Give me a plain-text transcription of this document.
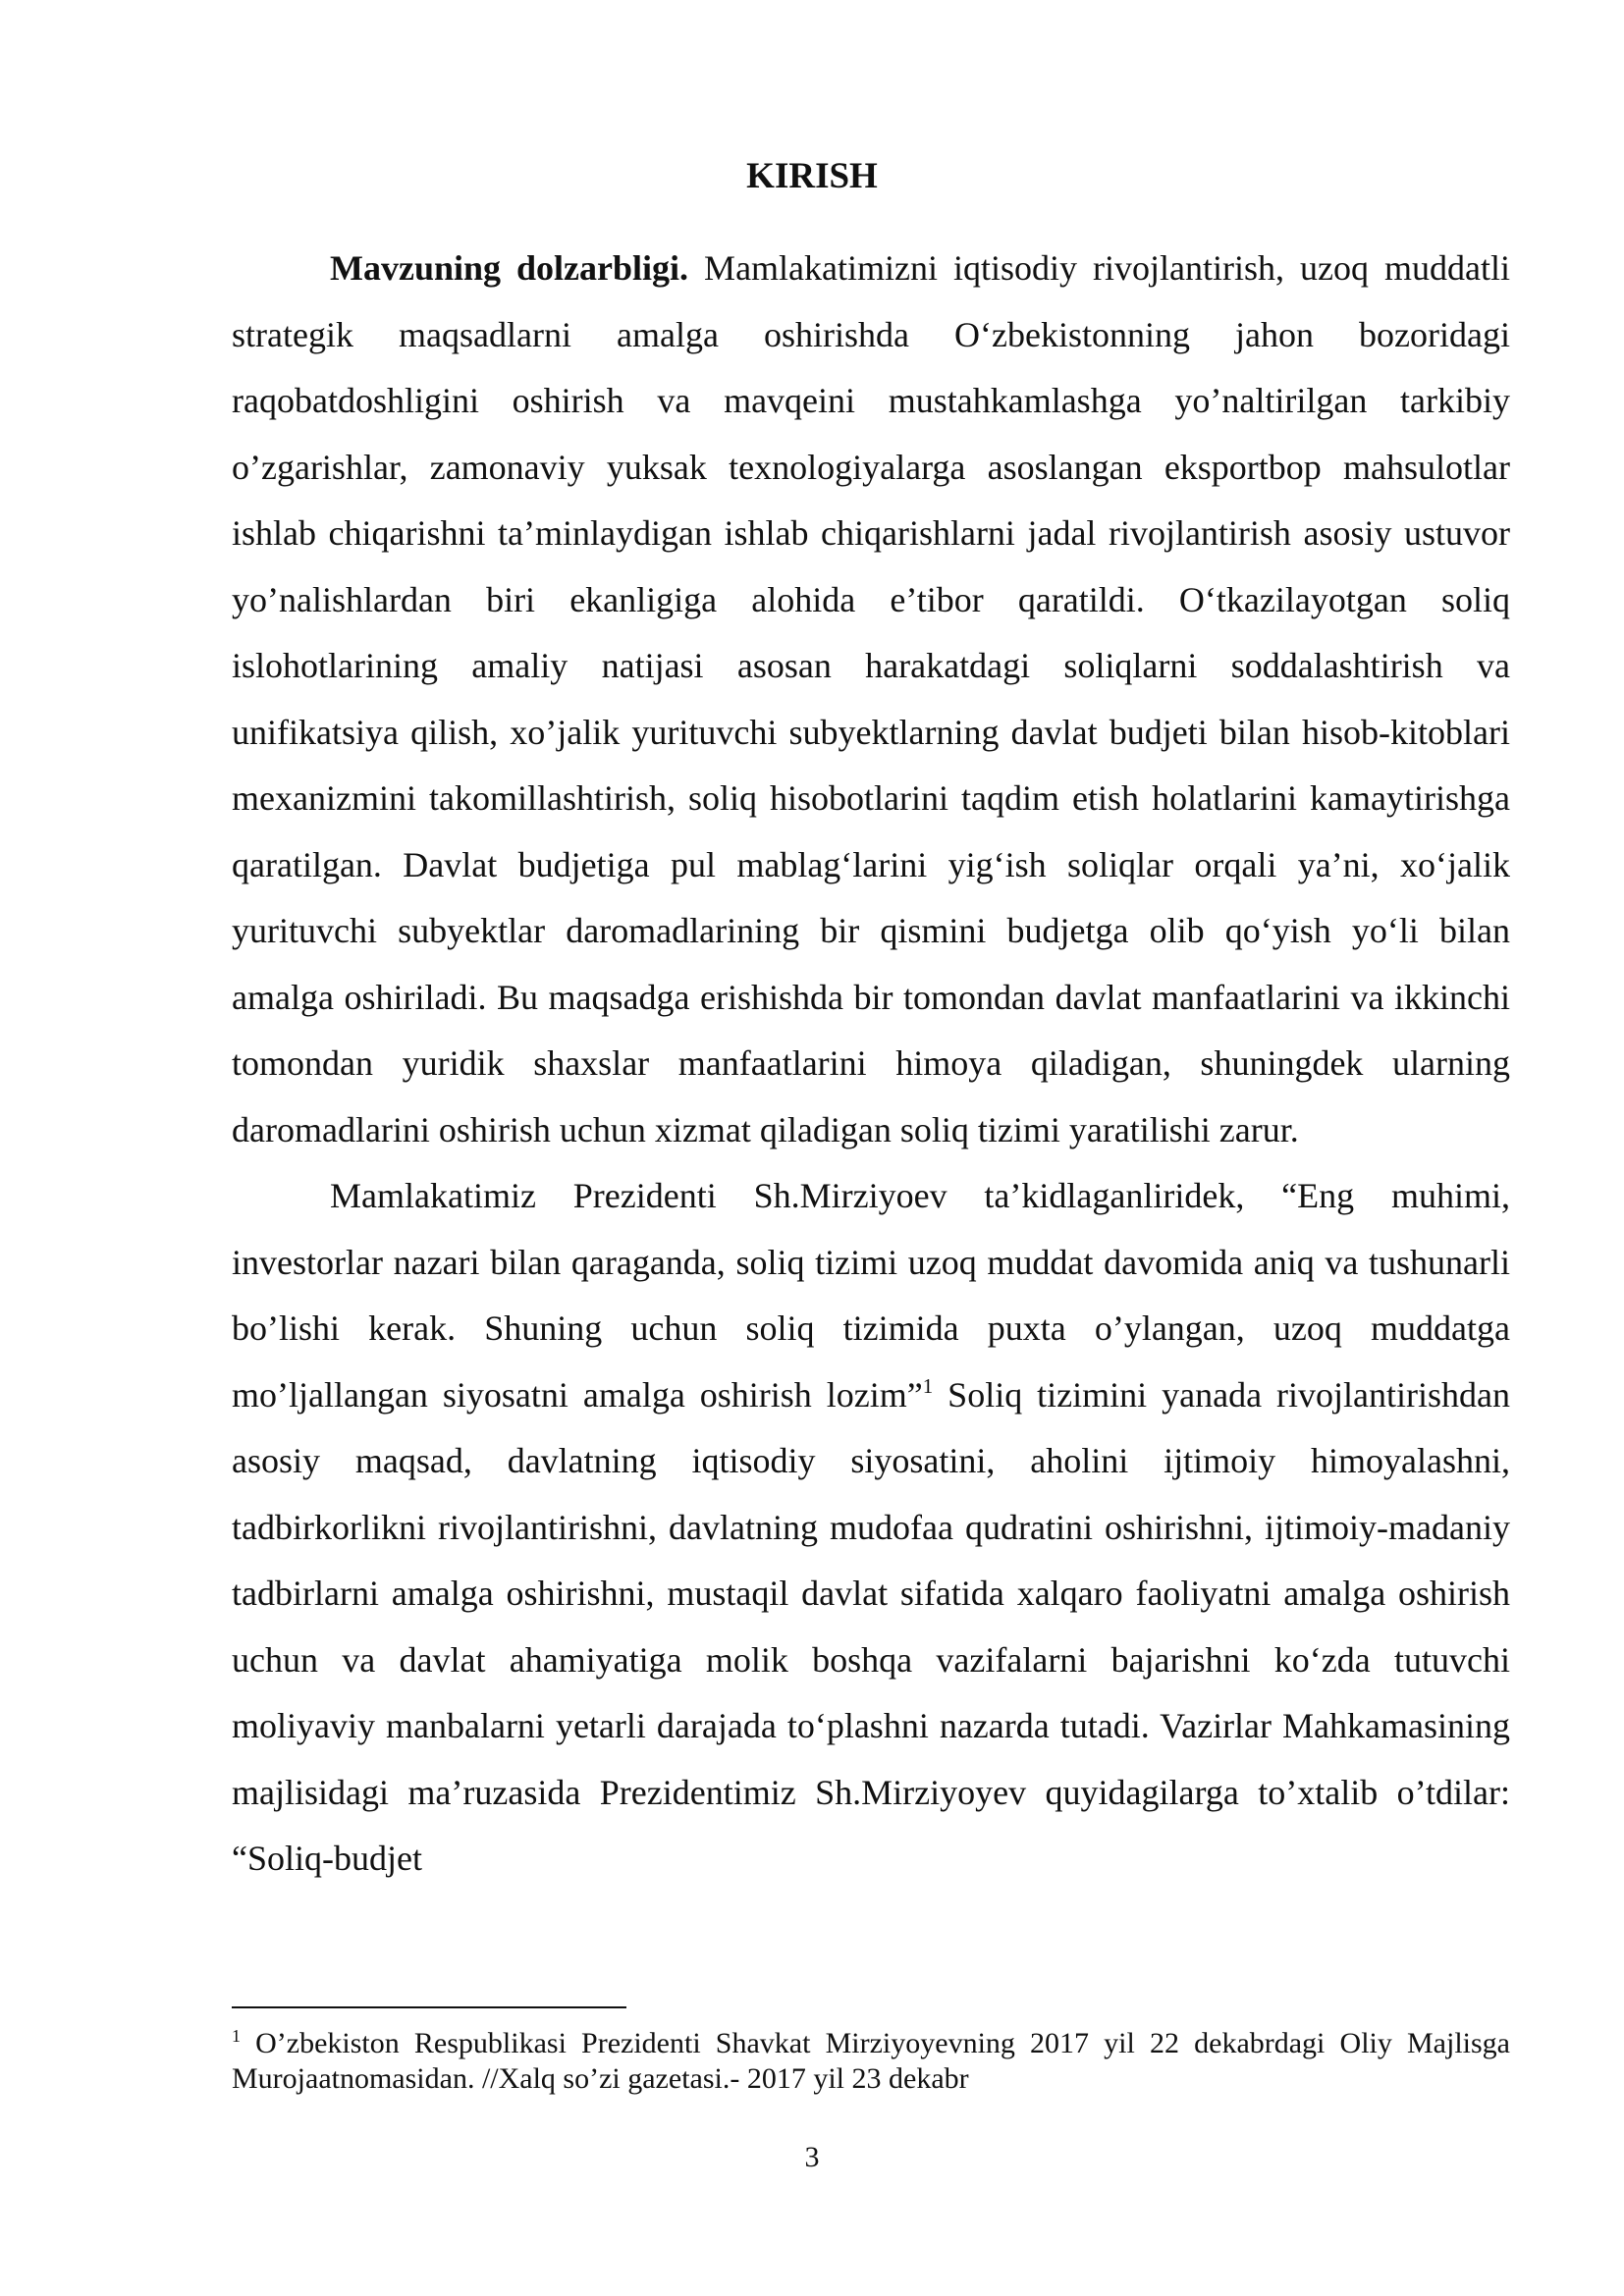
KIRISH

Mavzuning dolzarbligi. Mamlakatimizni iqtisodiy rivojlantirish, uzoq muddatli strategik maqsadlarni amalga oshirishda O‘zbekistonning jahon bozoridagi raqobatdoshligini oshirish va mavqeini mustahkamlashga yo’naltirilgan tarkibiy o’zgarishlar, zamonaviy yuksak texnologiyalarga asoslangan eksportbop mahsulotlar ishlab chiqarishni ta’minlaydigan ishlab chiqarishlarni jadal rivojlantirish asosiy ustuvor yo’nalishlardan biri ekanligiga alohida e’tibor qaratildi. O‘tkazilayotgan soliq islohotlarining amaliy natijasi asosan harakatdagi soliqlarni soddalashtirish va unifikatsiya qilish, xo’jalik yurituvchi subyektlarning davlat budjeti bilan hisob-kitoblari mexanizmini takomillashtirish, soliq hisobotlarini taqdim etish holatlarini kamaytirishga qaratilgan. Davlat budjetiga pul mablag‘larini yig‘ish soliqlar orqali ya’ni, xo‘jalik yurituvchi subyektlar daromadlarining bir qismini budjetga olib qo‘yish yo‘li bilan amalga oshiriladi. Bu maqsadga erishishda bir tomondan davlat manfaatlarini va ikkinchi tomondan yuridik shaxslar manfaatlarini himoya qiladigan, shuningdek ularning daromadlarini oshirish uchun xizmat qiladigan soliq tizimi yaratilishi zarur.

Mamlakatimiz Prezidenti Sh.Mirziyoev ta’kidlaganliridek, “Eng muhimi, investorlar nazari bilan qaraganda, soliq tizimi uzoq muddat davomida aniq va tushunarli bo’lishi kerak. Shuning uchun soliq tizimida puxta o’ylangan, uzoq muddatga mo’ljallangan siyosatni amalga oshirish lozim”$^1$ Soliq tizimini yanada rivojlantirishdan asosiy maqsad, davlatning iqtisodiy siyosatini, aholini ijtimoiy himoyalashni, tadbirkorlikni rivojlantirishni, davlatning mudofaa qudratini oshirishni, ijtimoiy-madaniy tadbirlarni amalga oshirishni, mustaqil davlat sifatida xalqaro faoliyatni amalga oshirish uchun va davlat ahamiyatiga molik boshqa vazifalarni bajarishni ko‘zda tutuvchi moliyaviy manbalarni yetarli darajada to‘plashni nazarda tutadi. Vazirlar Mahkamasining majlisidagi ma’ruzasida Prezidentimiz Sh.Mirziyoyev quyidagilarga to’xtalib o’tdilar: “Soliq-budjet

$^1$ O’zbekiston Respublikasi Prezidenti Shavkat Mirziyoyevning 2017 yil 22 dekabrdagi Oliy Majlisga Murojaatnomasidan. //Xalq so’zi gazetasi.- 2017 yil 23 dekabr

3
